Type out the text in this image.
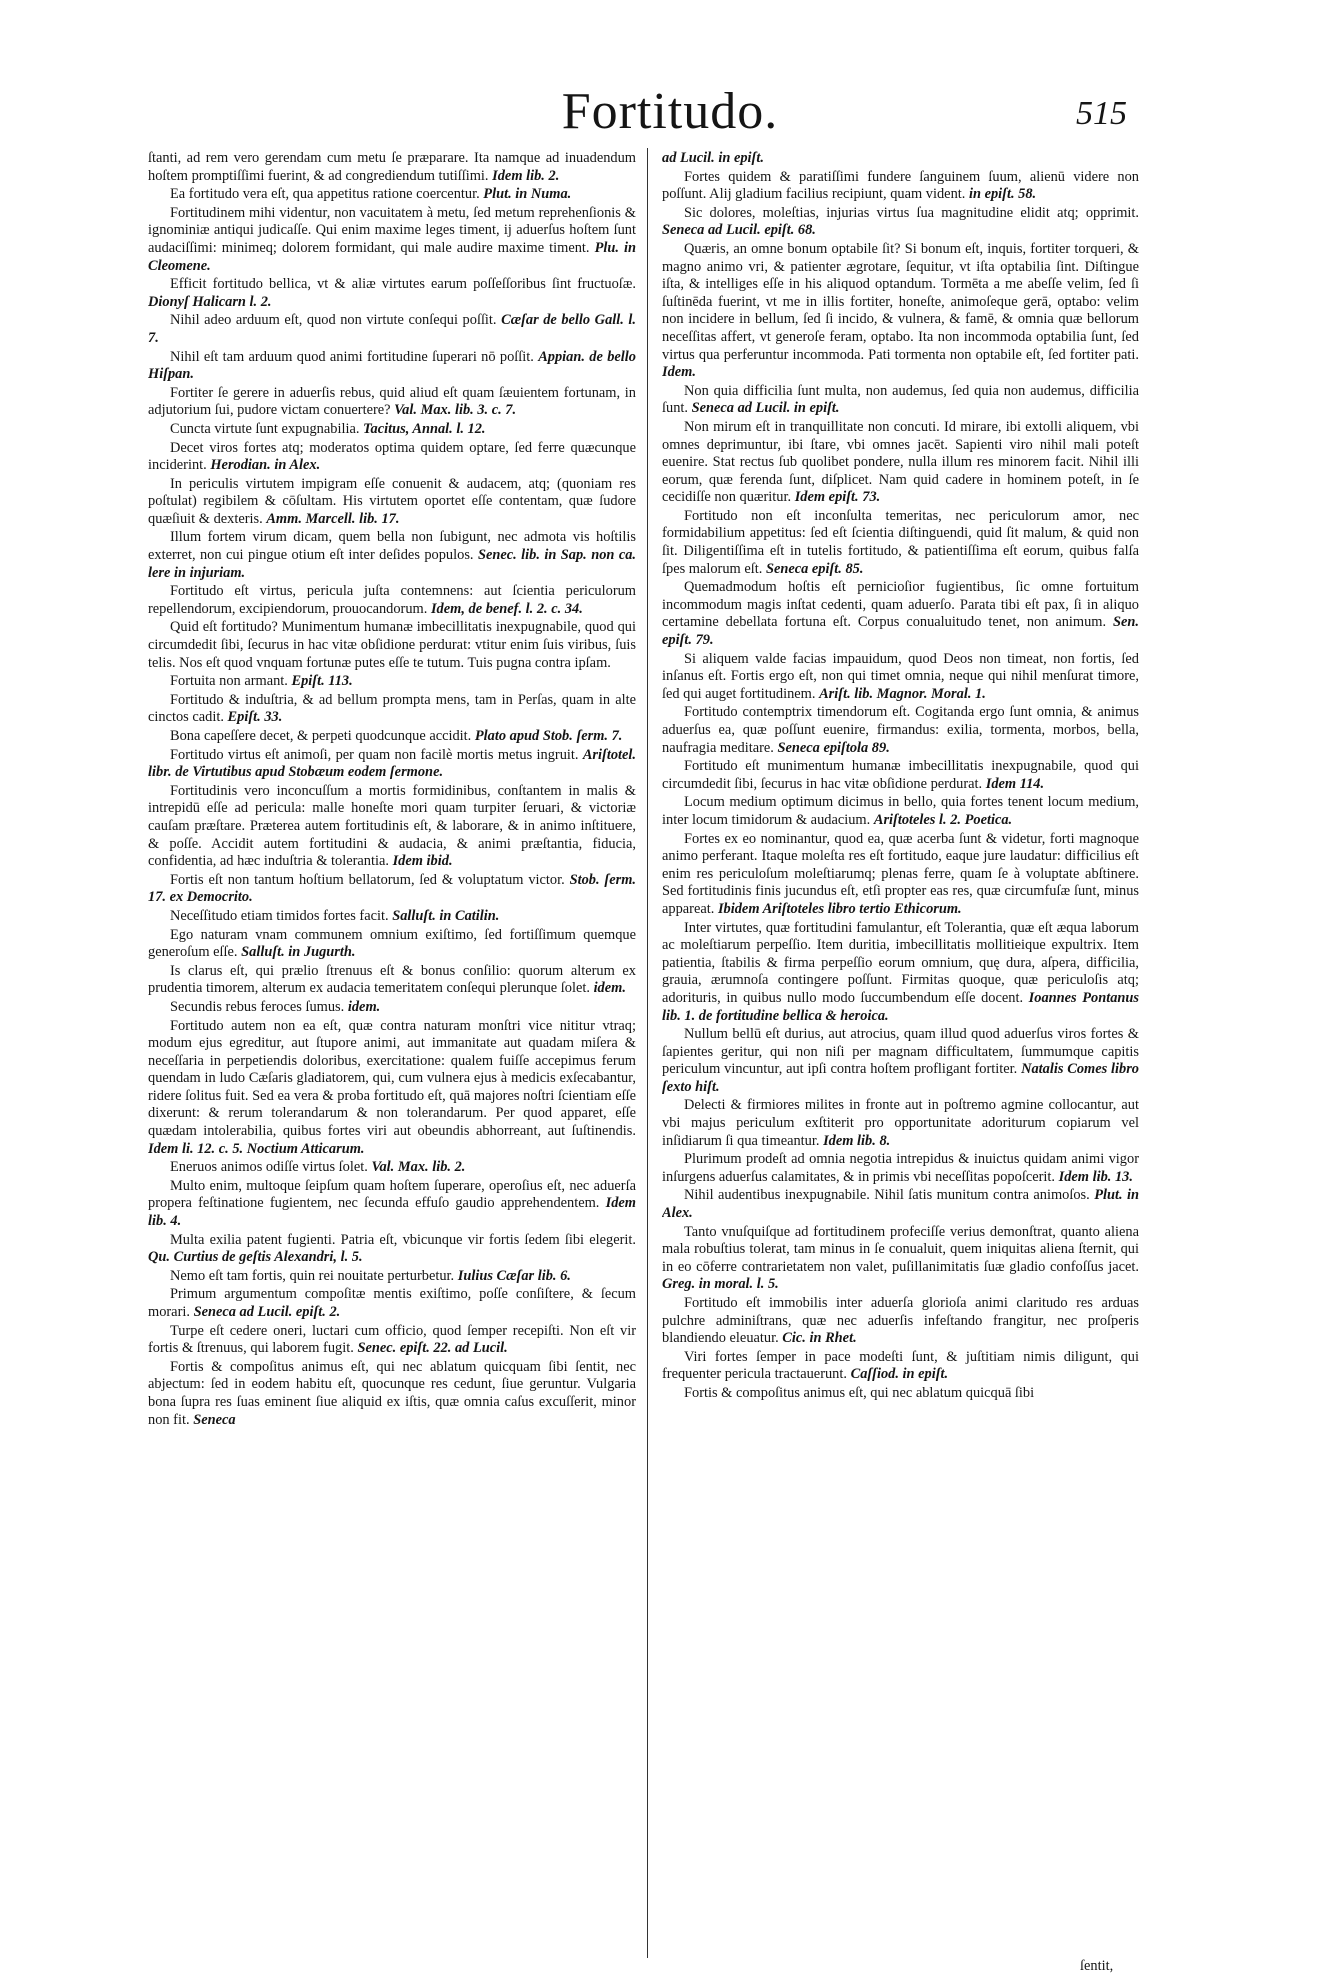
Fortitudo.	515

ſtanti, ad rem vero gerendam cum metu ſe præparare. Ita namque ad inuadendum hoſtem promptiſſimi fuerint, & ad congrediendum tutiſſimi. Idem lib. 2.

Ea fortitudo vera eſt, qua appetitus ratione coercentur. Plut. in Numa.

Fortitudinem mihi videntur, non vacuitatem à metu, ſed metum reprehenſionis & ignominiæ antiqui judicaſſe. Qui enim maxime leges timent, ij aduerſus hoſtem ſunt audaciſſimi: minimeq; dolorem formidant, qui male audire maxime timent. Plu. in Cleomene.

Efficit fortitudo bellica, vt & aliæ virtutes earum poſſeſſoribus ſint fructuoſæ. Dionyſ Halicarn l. 2.

Nihil adeo arduum eſt, quod non virtute conſequi poſſit. Cæſar de bello Gall. l. 7.

Nihil eſt tam arduum quod animi fortitudine ſuperari nō poſſit. Appian. de bello Hiſpan.

Fortiter ſe gerere in aduerſis rebus, quid aliud eſt quam ſæuientem fortunam, in adjutorium ſui, pudore victam conuertere? Val. Max. lib. 3. c. 7.

Cuncta virtute ſunt expugnabilia. Tacitus, Annal. l. 12.

Decet viros fortes atq; moderatos optima quidem optare, ſed ferre quæcunque inciderint. Herodian. in Alex.

In periculis virtutem impigram eſſe conuenit & audacem, atq; (quoniam res poſtulat) regibilem & cōſultam. His virtutem oportet eſſe contentam, quæ ſudore quæſiuit & dexteris. Amm. Marcell. lib. 17.

Illum fortem virum dicam, quem bella non ſubigunt, nec admota vis hoſtilis exterret, non cui pingue otium eſt inter deſides populos. Senec. lib. in Sap. non ca. lere in injuriam.

Fortitudo eſt virtus, pericula juſta contemnens: aut ſcientia periculorum repellendorum, excipiendorum, prouocandorum. Idem, de benef. l. 2. c. 34.

Quid eſt fortitudo? Munimentum humanæ imbecillitatis inexpugnabile, quod qui circumdedit ſibi, ſecurus in hac vitæ obſidione perdurat: vtitur enim ſuis viribus, ſuis telis. Nos eſt quod vnquam fortunæ putes eſſe te tutum. Tuis pugna contra ipſam.

Fortuita non armant. Epiſt. 113.

Fortitudo & induſtria, & ad bellum prompta mens, tam in Perſas, quam in alte cinctos cadit. Epiſt. 33.

Bona capeſſere decet, & perpeti quodcunque accidit. Plato apud Stob. ſerm. 7.

Fortitudo virtus eſt animoſi, per quam non facilè mortis metus ingruit. Ariſtotel. libr. de Virtutibus apud Stobæum eodem ſermone.

Fortitudinis vero inconcuſſum a mortis formidinibus, conſtantem in malis & intrepidū eſſe ad pericula: malle honeſte mori quam turpiter ſeruari, & victoriæ cauſam præſtare. Præterea autem fortitudinis eſt, & laborare, & in animo inſtituere, & poſſe. Accidit autem fortitudini & audacia, & animi præſtantia, fiducia, confidentia, ad hæc induſtria & tolerantia. Idem ibid.

Fortis eſt non tantum hoſtium bellatorum, ſed & voluptatum victor. Stob. ſerm. 17. ex Democrito.

Neceſſitudo etiam timidos fortes facit. Salluſt. in Catilin.

Ego naturam vnam communem omnium exiſtimo, ſed fortiſſimum quemque generoſum eſſe. Salluſt. in Jugurth.

Is clarus eſt, qui prælio ſtrenuus eſt & bonus conſilio: quorum alterum ex prudentia timorem, alterum ex audacia temeritatem conſequi plerunque ſolet. idem.

Secundis rebus feroces ſumus. idem.

Fortitudo autem non ea eſt, quæ contra naturam monſtri vice nititur vtraq; modum ejus egreditur, aut ſtupore animi, aut immanitate aut quadam miſera & neceſſaria in perpetiendis doloribus, exercitatione: qualem fuiſſe accepimus ferum quendam in ludo Cæſaris gladiatorem, qui, cum vulnera ejus à medicis exſecabantur, ridere ſolitus fuit. Sed ea vera & proba fortitudo eſt, quā majores noſtri ſcientiam eſſe dixerunt: & rerum tolerandarum & non tolerandarum. Per quod apparet, eſſe quædam intolerabilia, quibus fortes viri aut obeundis abhorreant, aut ſuſtinendis. Idem li. 12. c. 5. Noctium Atticarum.

Eneruos animos odiſſe virtus ſolet. Val. Max. lib. 2.

Multo enim, multoque ſeipſum quam hoſtem ſuperare, operoſius eſt, nec aduerſa propera feſtinatione fugientem, nec ſecunda effuſo gaudio apprehendentem. Idem lib. 4.

Multa exilia patent fugienti. Patria eſt, vbicunque vir fortis ſedem ſibi elegerit. Qu. Curtius de geſtis Alexandri, l. 5.

Nemo eſt tam fortis, quin rei nouitate perturbetur. Iulius Cæſar lib. 6.

Primum argumentum compoſitæ mentis exiſtimo, poſſe conſiſtere, & ſecum morari. Seneca ad Lucil. epiſt. 2.

Turpe eſt cedere oneri, luctari cum officio, quod ſemper recepiſti. Non eſt vir fortis & ſtrenuus, qui laborem fugit. Senec. epiſt. 22. ad Lucil.

Fortis & compoſitus animus eſt, qui nec ablatum quicquam ſibi ſentit, nec abjectum: ſed in eodem habitu eſt, quocunque res cedunt, ſiue geruntur. Vulgaria bona ſupra res ſuas eminent ſiue aliquid ex iſtis, quæ omnia caſus excuſſerit, minor non fit. Seneca

ad Lucil. in epiſt.

Fortes quidem & paratiſſimi fundere ſanguinem ſuum, alienū videre non poſſunt. Alij gladium facilius recipiunt, quam vident. in epiſt. 58.

Sic dolores, moleſtias, injurias virtus ſua magnitudine elidit atq; opprimit. Seneca ad Lucil. epiſt. 68.

Quæris, an omne bonum optabile ſit? Si bonum eſt, inquis, fortiter torqueri, & magno animo vri, & patienter ægrotare, ſequitur, vt iſta optabilia ſint. Diſtingue iſta, & intelliges eſſe in his aliquod optandum. Tormēta a me abeſſe velim, ſed ſi ſuſtinēda fuerint, vt me in illis fortiter, honeſte, animoſeque gerā, optabo: velim non incidere in bellum, ſed ſi incido, & vulnera, & famē, & omnia quæ bellorum neceſſitas affert, vt generoſe feram, optabo. Ita non incommoda optabilia ſunt, ſed virtus qua perferuntur incommoda. Pati tormenta non optabile eſt, ſed fortiter pati. Idem.

Non quia difficilia ſunt multa, non audemus, ſed quia non audemus, difficilia ſunt. Seneca ad Lucil. in epiſt.

Non mirum eſt in tranquillitate non concuti. Id mirare, ibi extolli aliquem, vbi omnes deprimuntur, ibi ſtare, vbi omnes jacēt. Sapienti viro nihil mali poteſt euenire. Stat rectus ſub quolibet pondere, nulla illum res minorem facit. Nihil illi eorum, quæ ferenda ſunt, diſplicet. Nam quid cadere in hominem poteſt, in ſe cecidiſſe non quæritur. Idem epiſt. 73.

Fortitudo non eſt inconſulta temeritas, nec periculorum amor, nec formidabilium appetitus: ſed eſt ſcientia diſtinguendi, quid ſit malum, & quid non ſit. Diligentiſſima eſt in tutelis fortitudo, & patientiſſima eſt eorum, quibus falſa ſpes malorum eſt. Seneca epiſt. 85.

Quemadmodum hoſtis eſt pernicioſior fugientibus, ſic omne fortuitum incommodum magis inſtat cedenti, quam aduerſo. Parata tibi eſt pax, ſi in aliquo certamine debellata fortuna eſt. Corpus conualuitudo tenet, non animum. Sen. epiſt. 79.

Si aliquem valde facias impauidum, quod Deos non timeat, non fortis, ſed inſanus eſt. Fortis ergo eſt, non qui timet omnia, neque qui nihil menſurat timore, ſed qui auget fortitudinem. Ariſt. lib. Magnor. Moral. 1.

Fortitudo contemptrix timendorum eſt. Cogitanda ergo ſunt omnia, & animus aduerſus ea, quæ poſſunt euenire, firmandus: exilia, tormenta, morbos, bella, naufragia meditare. Seneca epiſtola 89.

Fortitudo eſt munimentum humanæ imbecillitatis inexpugnabile, quod qui circumdedit ſibi, ſecurus in hac vitæ obſidione perdurat. Idem 114.

Locum medium optimum dicimus in bello, quia fortes tenent locum medium, inter locum timidorum & audacium. Ariſtoteles l. 2. Poetica.

Fortes ex eo nominantur, quod ea, quæ acerba ſunt & videtur, forti magnoque animo perferant. Itaque moleſta res eſt fortitudo, eaque jure laudatur: difficilius eſt enim res periculoſum moleſtiarumq; plenas ferre, quam ſe à voluptate abſtinere. Sed fortitudinis finis jucundus eſt, etſi propter eas res, quæ circumfuſæ ſunt, minus appareat. Ibidem Ariſtoteles libro tertio Ethicorum.

Inter virtutes, quæ fortitudini famulantur, eſt Tolerantia, quæ eſt æqua laborum ac moleſtiarum perpeſſio. Item duritia, imbecillitatis mollitieique expultrix. Item patientia, ſtabilis & firma perpeſſio eorum omnium, quę dura, aſpera, difficilia, grauia, ærumnoſa contingere poſſunt. Firmitas quoque, quæ periculoſis atq; adorituris, in quibus nullo modo ſuccumbendum eſſe docent. Ioannes Pontanus lib. 1. de fortitudine bellica & heroica.

Nullum bellū eſt durius, aut atrocius, quam illud quod aduerſus viros fortes & ſapientes geritur, qui non niſi per magnam difficultatem, ſummumque capitis periculum vincuntur, aut ipſi contra hoſtem profligant fortiter. Natalis Comes libro ſexto hiſt.

Delecti & firmiores milites in fronte aut in poſtremo agmine collocantur, aut vbi majus periculum exſtiterit pro opportunitate adoriturum copiarum vel inſidiarum ſi qua timeantur. Idem lib. 8.

Plurimum prodeſt ad omnia negotia intrepidus & inuictus quidam animi vigor inſurgens aduerſus calamitates, & in primis vbi neceſſitas popoſcerit. Idem lib. 13.

Nihil audentibus inexpugnabile. Nihil ſatis munitum contra animoſos. Plut. in Alex.

Tanto vnuſquiſque ad fortitudinem profeciſſe verius demonſtrat, quanto aliena mala robuſtius tolerat, tam minus in ſe conualuit, quem iniquitas aliena ſternit, qui in eo cōferre contrarietatem non valet, puſillanimitatis ſuæ gladio confoſſus jacet. Greg. in moral. l. 5.

Fortitudo eſt immobilis inter aduerſa glorioſa animi claritudo res arduas pulchre adminiſtrans, quæ nec aduerſis infeſtando frangitur, nec proſperis blandiendo eleuatur. Cic. in Rhet.

Viri fortes ſemper in pace modeſti ſunt, & juſtitiam nimis diligunt, qui frequenter pericula tractauerunt. Caſſiod. in epiſt.

Fortis & compoſitus animus eſt, qui nec ablatum quicquā ſibi

ſentit,
